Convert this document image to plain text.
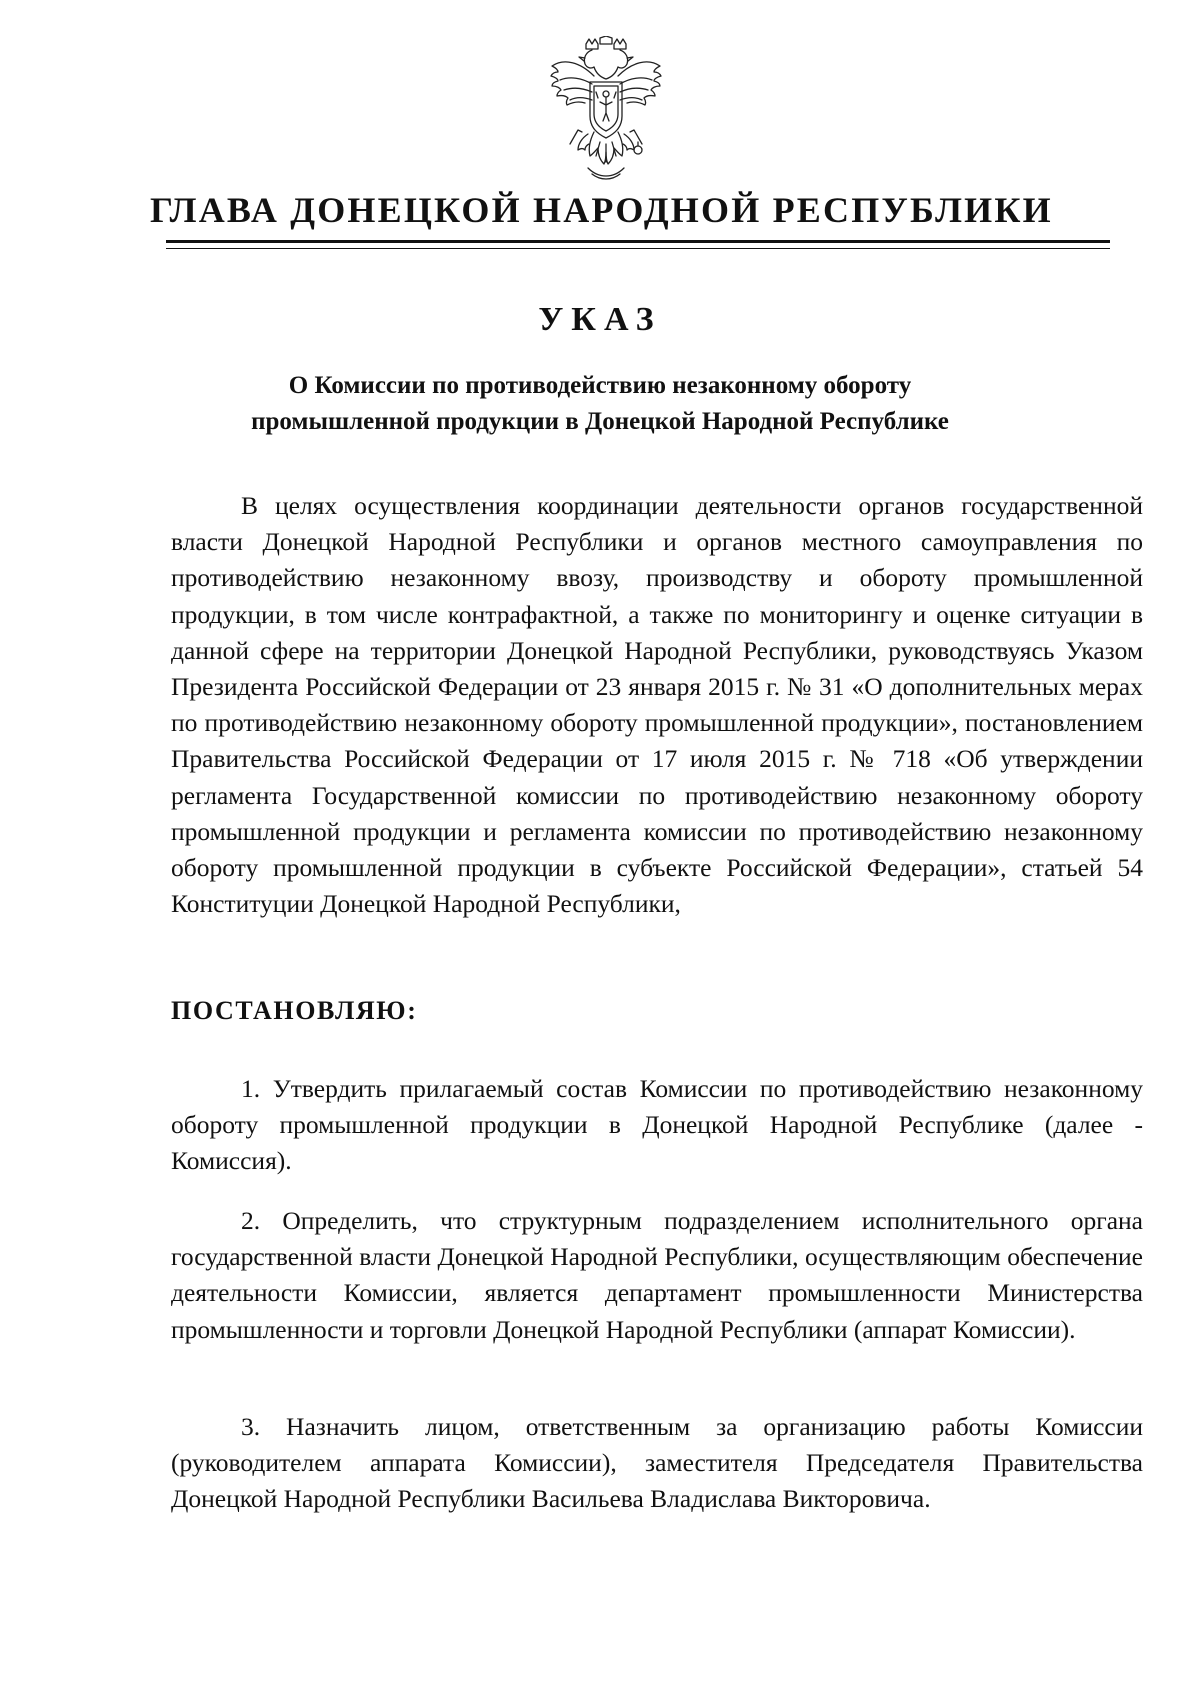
ГЛАВА ДОНЕЦКОЙ НАРОДНОЙ РЕСПУБЛИКИ
УКАЗ
О Комиссии по противодействию незаконному обороту
промышленной продукции в Донецкой Народной Республике

В целях осуществления координации деятельности органов государственной власти Донецкой Народной Республики и органов местного самоуправления по противодействию незаконному ввозу, производству и обороту промышленной продукции, в том числе контрафактной, а также по мониторингу и оценке ситуации в данной сфере на территории Донецкой Народной Республики, руководствуясь Указом Президента Российской Федерации от 23 января 2015 г. № 31 «О дополнительных мерах по противодействию незаконному обороту промышленной продукции», постановлением Правительства Российской Федерации от 17 июля 2015 г. № 718 «Об утверждении регламента Государственной комиссии по противодействию незаконному обороту промышленной продукции и регламента комиссии по противодействию незаконному обороту промышленной продукции в субъекте Российской Федерации», статьей 54 Конституции Донецкой Народной Республики,

ПОСТАНОВЛЯЮ:

1. Утвердить прилагаемый состав Комиссии по противодействию незаконному обороту промышленной продукции в Донецкой Народной Республике (далее - Комиссия).

2. Определить, что структурным подразделением исполнительного органа государственной власти Донецкой Народной Республики, осуществляющим обеспечение деятельности Комиссии, является департамент промышленности Министерства промышленности и торговли Донецкой Народной Республики (аппарат Комиссии).

3. Назначить лицом, ответственным за организацию работы Комиссии (руководителем аппарата Комиссии), заместителя Председателя Правительства Донецкой Народной Республики Васильева Владислава Викторовича.
